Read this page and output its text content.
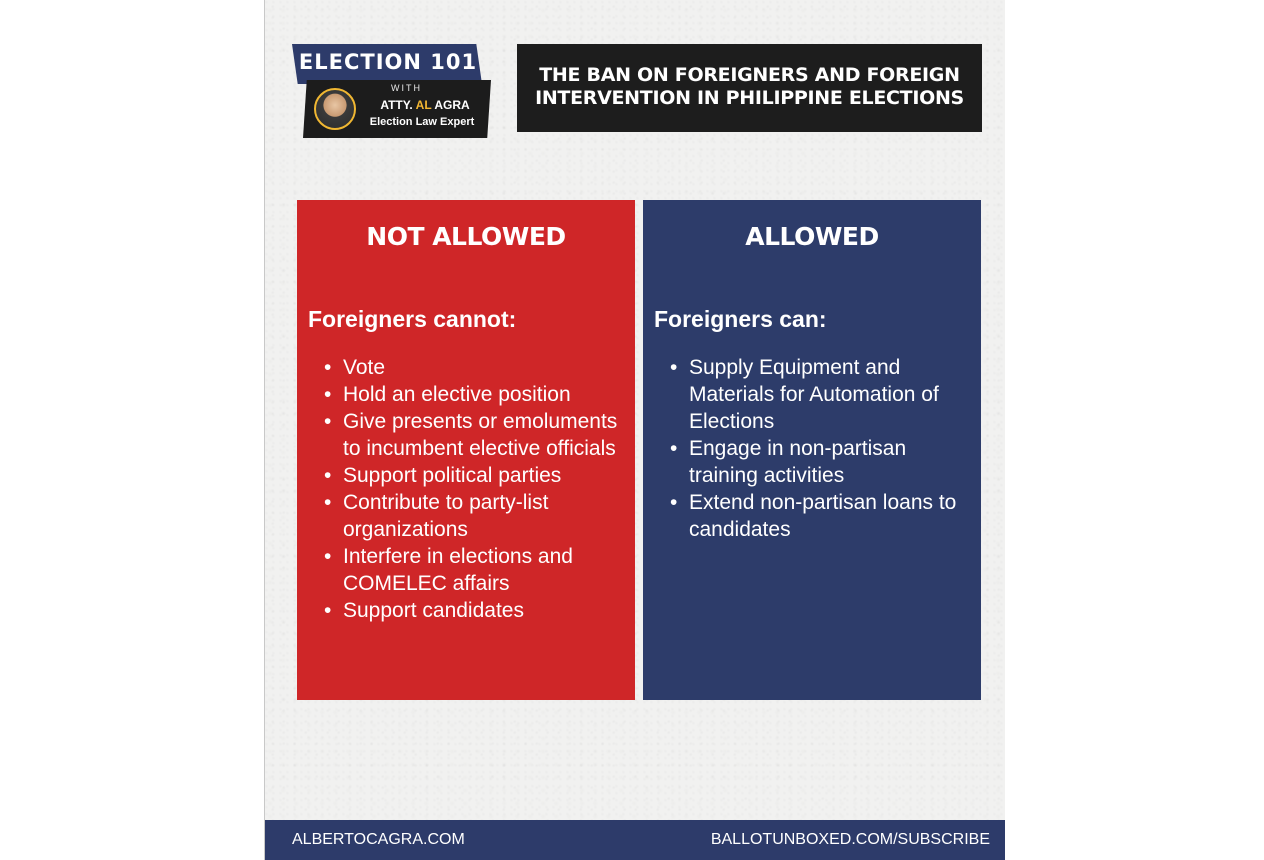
ELECTION 101
WITH
ATTY. AL AGRA
Election Law Expert
THE BAN ON FOREIGNERS AND FOREIGN
INTERVENTION IN PHILIPPINE ELECTIONS
NOT ALLOWED
Foreigners cannot:
• Vote
• Hold an elective position
• Give presents or emoluments to incumbent elective officials
• Support political parties
• Contribute to party-list organizations
• Interfere in elections and COMELEC affairs
• Support candidates
ALLOWED
Foreigners can:
• Supply Equipment and Materials for Automation of Elections
• Engage in non-partisan training activities
• Extend non-partisan loans to candidates
ALBERTOCAGRA.COM	BALLOTUNBOXED.COM/SUBSCRIBE
